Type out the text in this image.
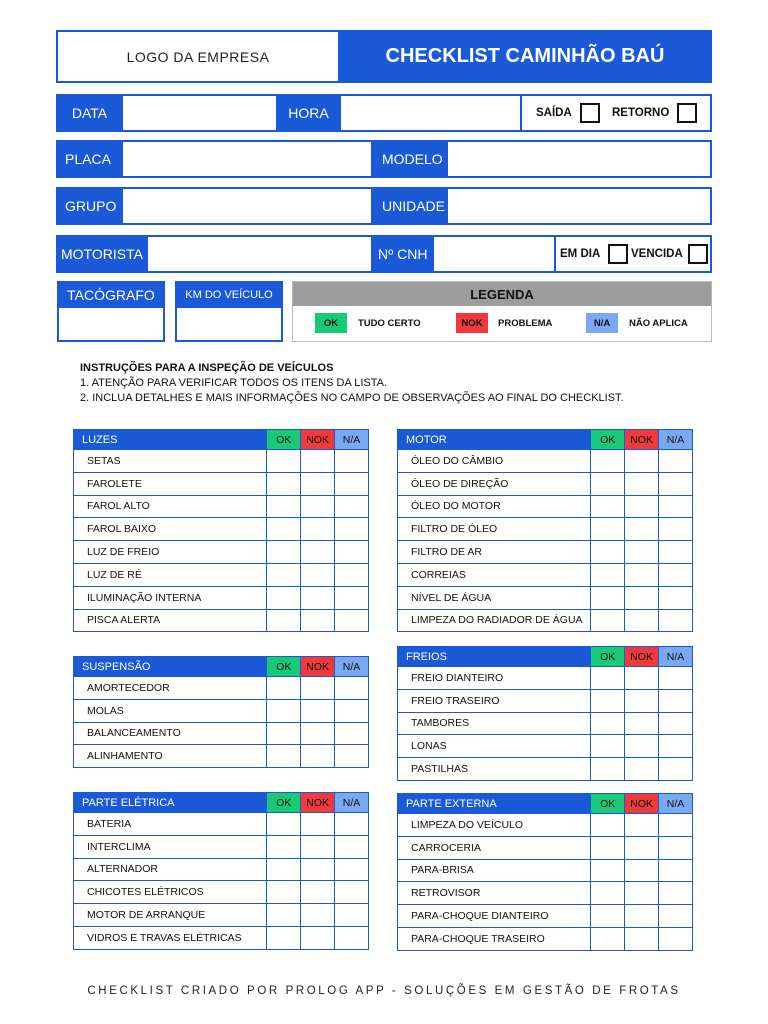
LOGO DA EMPRESA	CHECKLIST CAMINHÃO BAÚ
DATA	HORA	SAÍDA	RETORNO
PLACA	MODELO
GRUPO	UNIDADE
MOTORISTA	Nº CNH	EM DIA	VENCIDA
TACÓGRAFO	KM DO VEÍCULO	LEGENDA
OK	TUDO CERTO	NOK	PROBLEMA	N/A	NÃO APLICA
INSTRUÇÕES PARA A INSPEÇÃO DE VEÍCULOS
1. ATENÇÃO PARA VERIFICAR TODOS OS ITENS DA LISTA.
2. INCLUA DETALHES E MAIS INFORMAÇÕES NO CAMPO DE OBSERVAÇÕES AO FINAL DO CHECKLIST.
LUZES	OK	NOK	N/A
SETAS			
FAROLETE			
FAROL ALTO			
FAROL BAIXO			
LUZ DE FREIO			
LUZ DE RÉ			
ILUMINAÇÃO INTERNA			
PISCA ALERTA			
MOTOR	OK	NOK	N/A
ÓLEO DO CÂMBIO			
ÓLEO DE DIREÇÃO			
ÓLEO DO MOTOR			
FILTRO DE ÓLEO			
FILTRO DE AR			
CORREIAS			
NÍVEL DE ÁGUA			
LIMPEZA DO RADIADOR DE ÁGUA			
SUSPENSÃO	OK	NOK	N/A
AMORTECEDOR			
MOLAS			
BALANCEAMENTO			
ALINHAMENTO			
FREIOS	OK	NOK	N/A
FREIO DIANTEIRO			
FREIO TRASEIRO			
TAMBORES			
LONAS			
PASTILHAS			
PARTE ELÉTRICA	OK	NOK	N/A
BATERIA			
INTERCLIMA			
ALTERNADOR			
CHICOTES ELÉTRICOS			
MOTOR DE ARRANQUE			
VIDROS E TRAVAS ELÉTRICAS			
PARTE EXTERNA	OK	NOK	N/A
LIMPEZA DO VEÍCULO			
CARROCERIA			
PARA-BRISA			
RETROVISOR			
PARA-CHOQUE DIANTEIRO			
PARA-CHOQUE TRASEIRO			
CHECKLIST CRIADO POR PROLOG APP - SOLUÇÕES EM GESTÃO DE FROTAS
